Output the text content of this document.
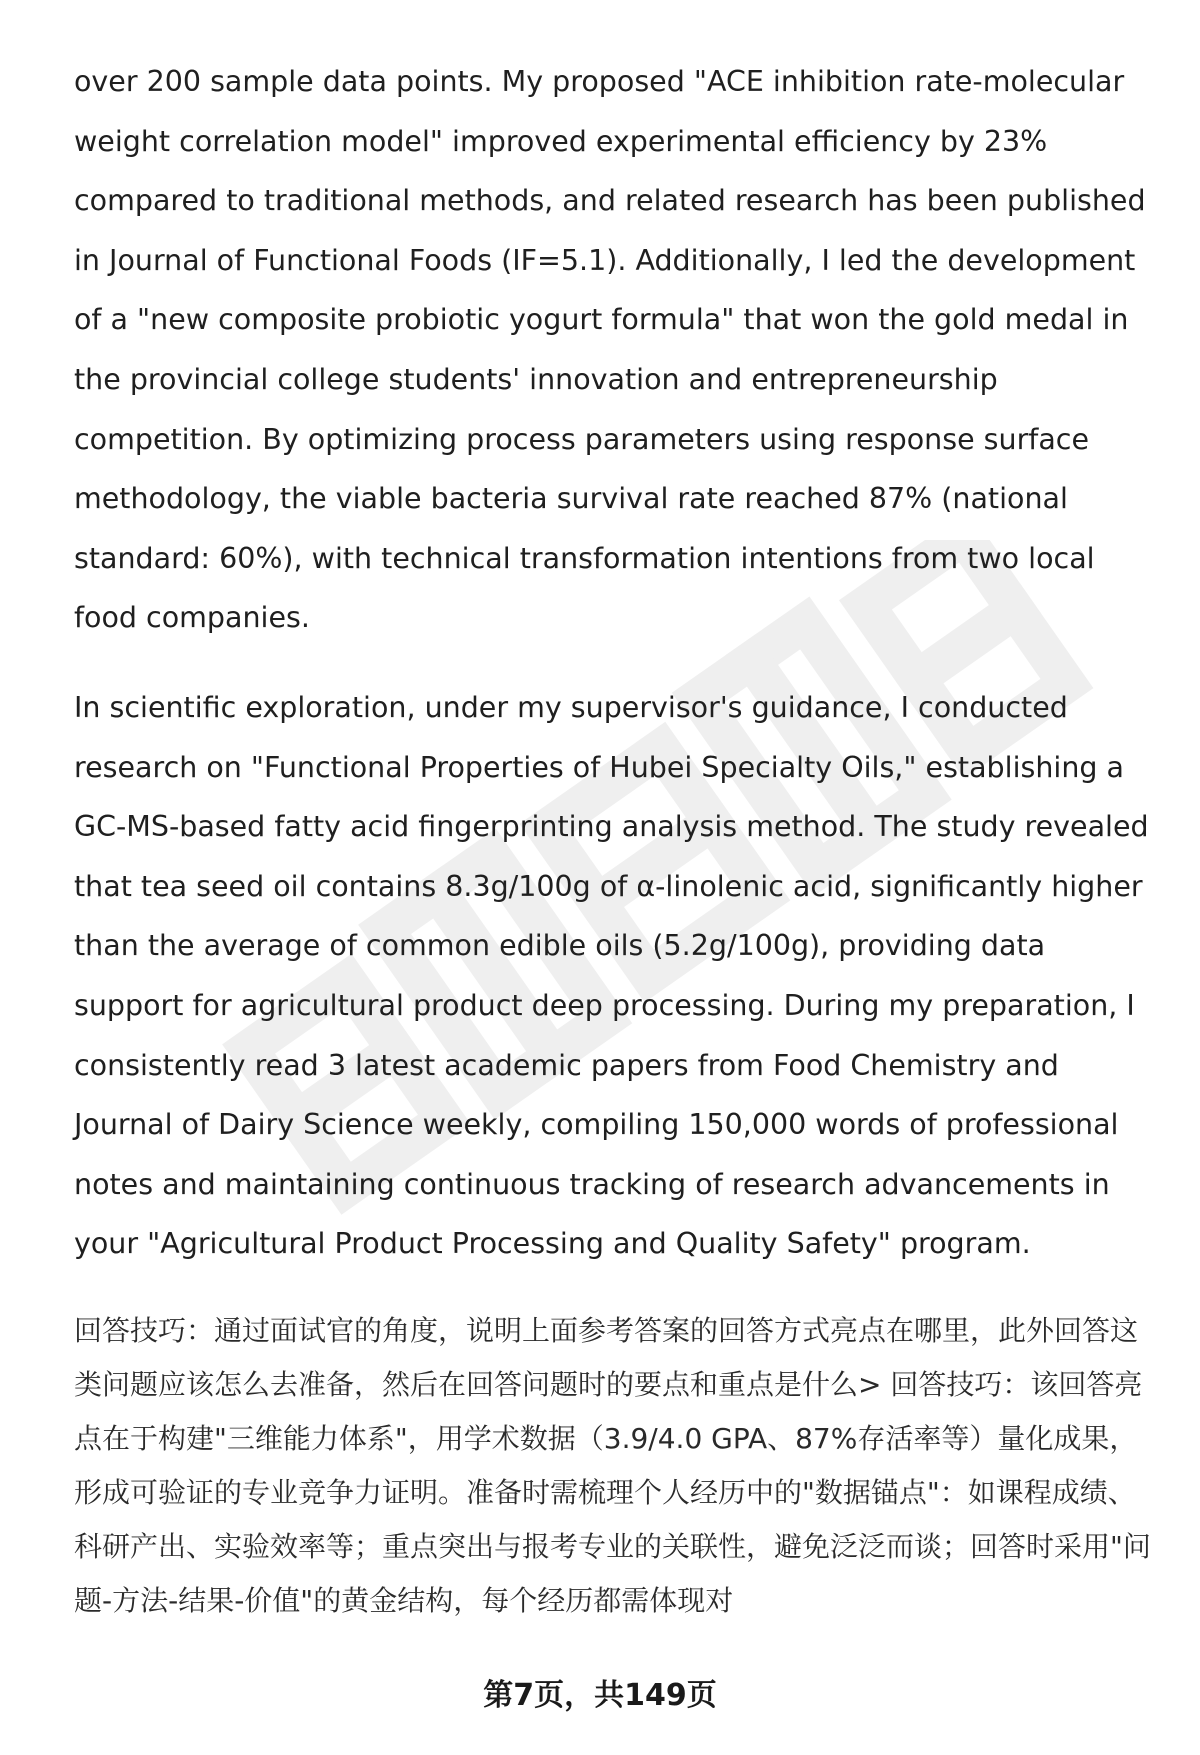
over 200 sample data points. My proposed "ACE inhibition rate-molecular weight correlation model" improved experimental efficiency by 23% compared to traditional methods, and related research has been published in Journal of Functional Foods (IF=5.1). Additionally, I led the development of a "new composite probiotic yogurt formula" that won the gold medal in the provincial college students' innovation and entrepreneurship competition. By optimizing process parameters using response surface methodology, the viable bacteria survival rate reached 87% (national standard: 60%), with technical transformation intentions from two local food companies.

In scientific exploration, under my supervisor's guidance, I conducted research on "Functional Properties of Hubei Specialty Oils," establishing a GC-MS-based fatty acid fingerprinting analysis method. The study revealed that tea seed oil contains 8.3g/100g of α-linolenic acid, significantly higher than the average of common edible oils (5.2g/100g), providing data support for agricultural product deep processing. During my preparation, I consistently read 3 latest academic papers from Food Chemistry and Journal of Dairy Science weekly, compiling 150,000 words of professional notes and maintaining continuous tracking of research advancements in your "Agricultural Product Processing and Quality Safety" program.

回答技巧：通过面试官的角度，说明上面参考答案的回答方式亮点在哪里，此外回答这类问题应该怎么去准备，然后在回答问题时的要点和重点是什么> 回答技巧：该回答亮点在于构建"三维能力体系"，用学术数据（3.9/4.0 GPA、87%存活率等）量化成果，形成可验证的专业竞争力证明。准备时需梳理个人经历中的"数据锚点"：如课程成绩、科研产出、实验效率等；重点突出与报考专业的关联性，避免泛泛而谈；回答时采用"问题-方法-结果-价值"的黄金结构，每个经历都需体现对

第7页，共149页
